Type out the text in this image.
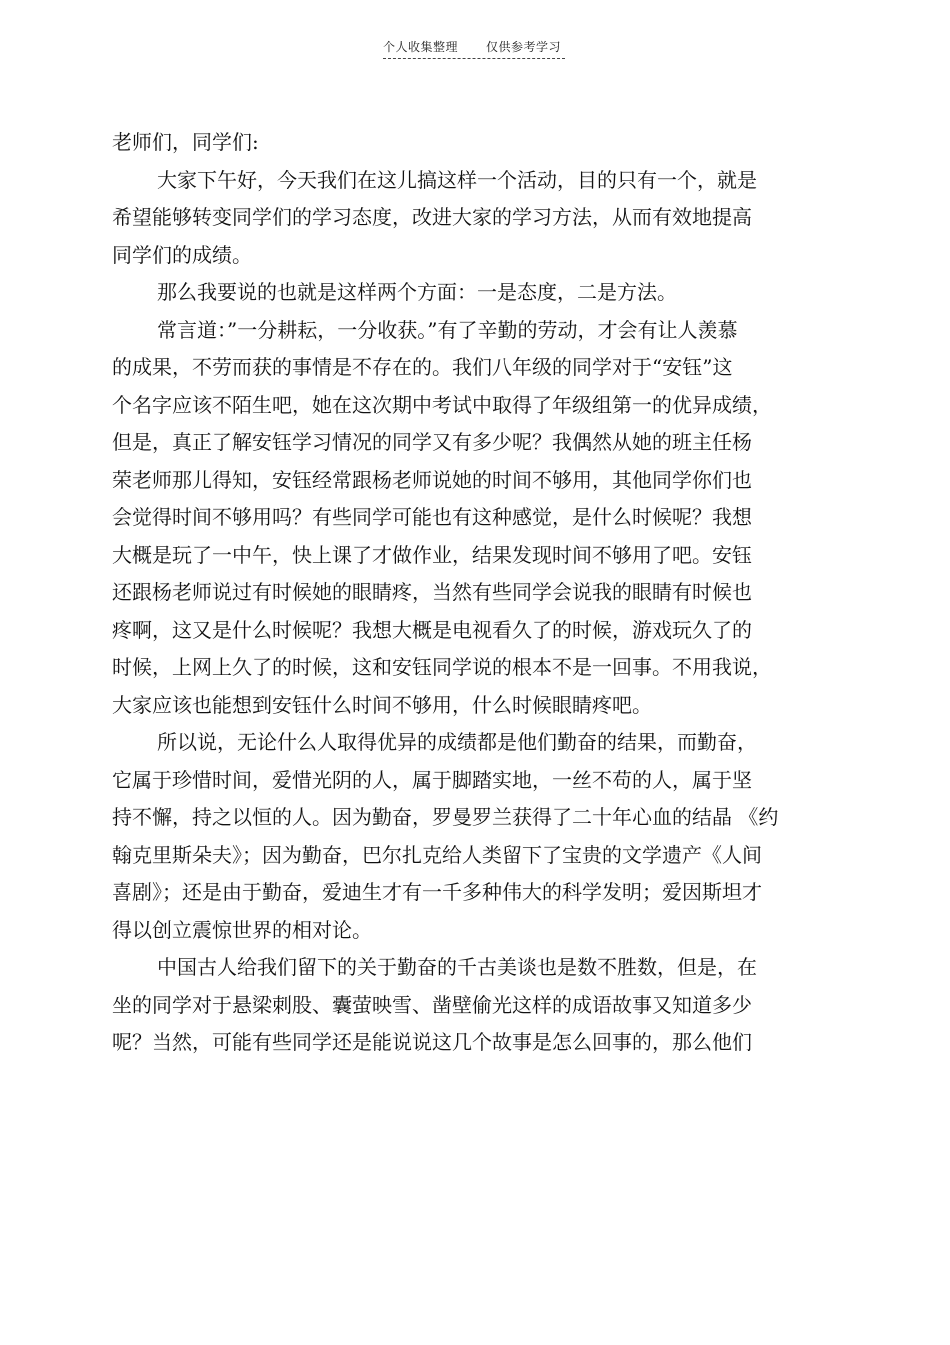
个人收集整理 仅供参考学习
老师们，同学们:
大家下午好，今天我们在这儿搞这样一个活动，目的只有一个，就是
希望能够转变同学们的学习态度，改进大家的学习方法，从而有效地提高
同学们的成绩。
那么我要说的也就是这样两个方面：一是态度，二是方法。
常言道：”一分耕耘，一分收获。”有了辛勤的劳动，才会有让人羡慕
的成果，不劳而获的事情是不存在的。我们八年级的同学对于“安钰”这
个名字应该不陌生吧，她在这次期中考试中取得了年级组第一的优异成绩，
但是，真正了解安钰学习情况的同学又有多少呢？我偶然从她的班主任杨
荣老师那儿得知，安钰经常跟杨老师说她的时间不够用，其他同学你们也
会觉得时间不够用吗？有些同学可能也有这种感觉，是什么时候呢？我想
大概是玩了一中午，快上课了才做作业，结果发现时间不够用了吧。安钰
还跟杨老师说过有时候她的眼睛疼，当然有些同学会说我的眼睛有时候也
疼啊，这又是什么时候呢？我想大概是电视看久了的时候，游戏玩久了的
时候，上网上久了的时候，这和安钰同学说的根本不是一回事。不用我说，
大家应该也能想到安钰什么时间不够用，什么时候眼睛疼吧。
所以说，无论什么人取得优异的成绩都是他们勤奋的结果，而勤奋，
它属于珍惜时间，爱惜光阴的人，属于脚踏实地，一丝不苟的人，属于坚
持不懈，持之以恒的人。因为勤奋，罗曼罗兰获得了二十年心血的结晶 《约
翰克里斯朵夫》；因为勤奋，巴尔扎克给人类留下了宝贵的文学遗产《人间
喜剧》；还是由于勤奋，爱迪生才有一千多种伟大的科学发明；爱因斯坦才
得以创立震惊世界的相对论。
中国古人给我们留下的关于勤奋的千古美谈也是数不胜数，但是，在
坐的同学对于悬梁刺股、囊萤映雪、凿壁偷光这样的成语故事又知道多少
呢？当然，可能有些同学还是能说说这几个故事是怎么回事的，那么他们
